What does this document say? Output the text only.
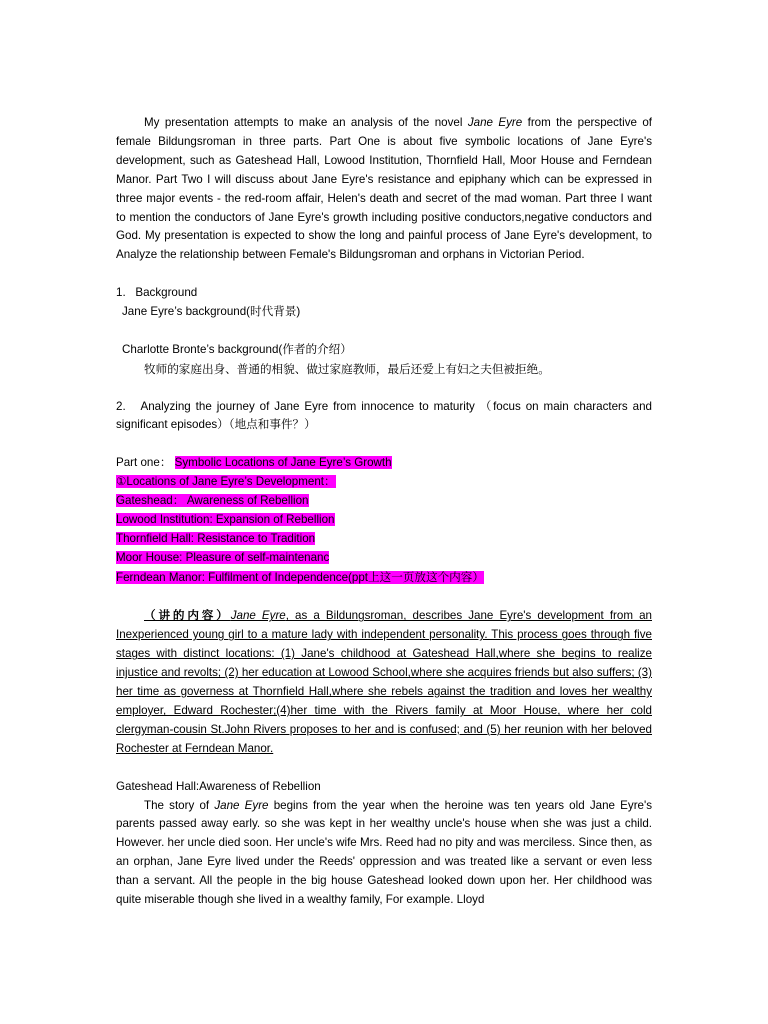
My presentation attempts to make an analysis of the novel Jane Eyre from the perspective of female Bildungsroman in three parts. Part One is about five symbolic locations of Jane Eyre's development, such as Gateshead Hall, Lowood Institution, Thornfield Hall, Moor House and Ferndean Manor. Part Two I will discuss about Jane Eyre's resistance and epiphany which can be expressed in three major events - the red-room affair, Helen's death and secret of the mad woman. Part three I want to mention the conductors of Jane Eyre's growth including positive conductors,negative conductors and God. My presentation is expected to show the long and painful process of Jane Eyre's development, to Analyze the relationship between Female's Bildungsroman and orphans in Victorian Period.

1. Background

Jane Eyre’s background(时代背景)

Charlotte Bronte’s background(作者的介绍）

牧师的家庭出身、普通的相貌、做过家庭教师，最后还爱上有妇之夫但被拒绝。

2. Analyzing the journey of Jane Eyre from innocence to maturity （focus on main characters and significant episodes）（地点和事件？）

Part one： Symbolic Locations of Jane Eyre’s Growth

①Locations of Jane Eyre’s Development：

Gateshead： Awareness of Rebellion

Lowood Institution: Expansion of Rebellion

Thornfield Hall: Resistance to Tradition

Moor House: Pleasure of self-maintenanc

Ferndean Manor: Fulfilment of Independence(ppt上这一页放这个内容）

（讲的内容）Jane Eyre, as a Bildungsroman, describes Jane Eyre's development from an Inexperienced young girl to a mature lady with independent personality. This process goes through five stages with distinct locations: (1) Jane's childhood at Gateshead Hall,where she begins to realize injustice and revolts; (2) her education at Lowood School,where she acquires friends but also suffers; (3) her time as governess at Thornfield Hall,where she rebels against the tradition and loves her wealthy employer, Edward Rochester;(4)her time with the Rivers family at Moor House, where her cold clergyman-cousin St.John Rivers proposes to her and is confused; and (5) her reunion with her beloved Rochester at Ferndean Manor.

Gateshead Hall:Awareness of Rebellion

The story of Jane Eyre begins from the year when the heroine was ten years old Jane Eyre's parents passed away early. so she was kept in her wealthy uncle's house when she was just a child. However. her uncle died soon. Her uncle's wife Mrs. Reed had no pity and was merciless. Since then, as an orphan, Jane Eyre lived under the Reeds' oppression and was treated like a servant or even less than a servant. All the people in the big house Gateshead looked down upon her. Her childhood was quite miserable though she lived in a wealthy family, For example. Lloyd
